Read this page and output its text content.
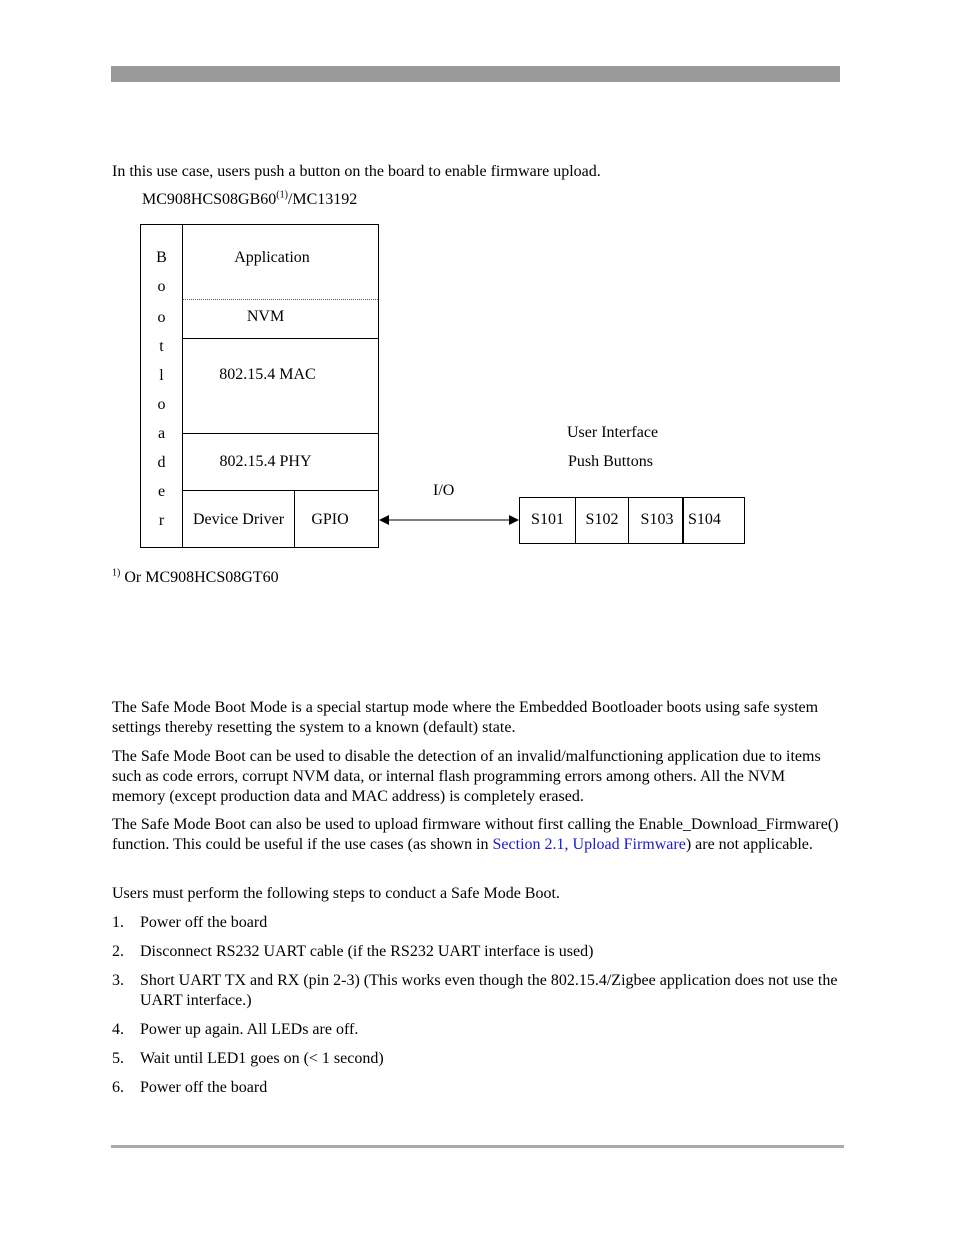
In this use case, users push a button on the board to enable firmware upload.
MC908HCS08GB60$^{(1)}$/MC13192
B
o
o
t
l
o
a
d
e
r
Application
NVM
802.15.4 MAC
802.15.4 PHY
Device Driver	GPIO
I/O
User Interface
Push Buttons
S101	S102	S103 S104
$^{1)}$ Or MC908HCS08GT60
The Safe Mode Boot Mode is a special startup mode where the Embedded Bootloader boots using safe system settings thereby resetting the system to a known (default) state.
The Safe Mode Boot can be used to disable the detection of an invalid/malfunctioning application due to items such as code errors, corrupt NVM data, or internal flash programming errors among others. All the NVM memory (except production data and MAC address) is completely erased.
The Safe Mode Boot can also be used to upload firmware without first calling the Enable_Download_Firmware() function. This could be useful if the use cases (as shown in Section 2.1, Upload Firmware) are not applicable.
Users must perform the following steps to conduct a Safe Mode Boot.
1.	Power off the board
2.	Disconnect RS232 UART cable (if the RS232 UART interface is used)
3.	Short UART TX and RX (pin 2-3) (This works even though the 802.15.4/Zigbee application does not use the UART interface.)
4.	Power up again. All LEDs are off.
5.	Wait until LED1 goes on (< 1 second)
6.	Power off the board
